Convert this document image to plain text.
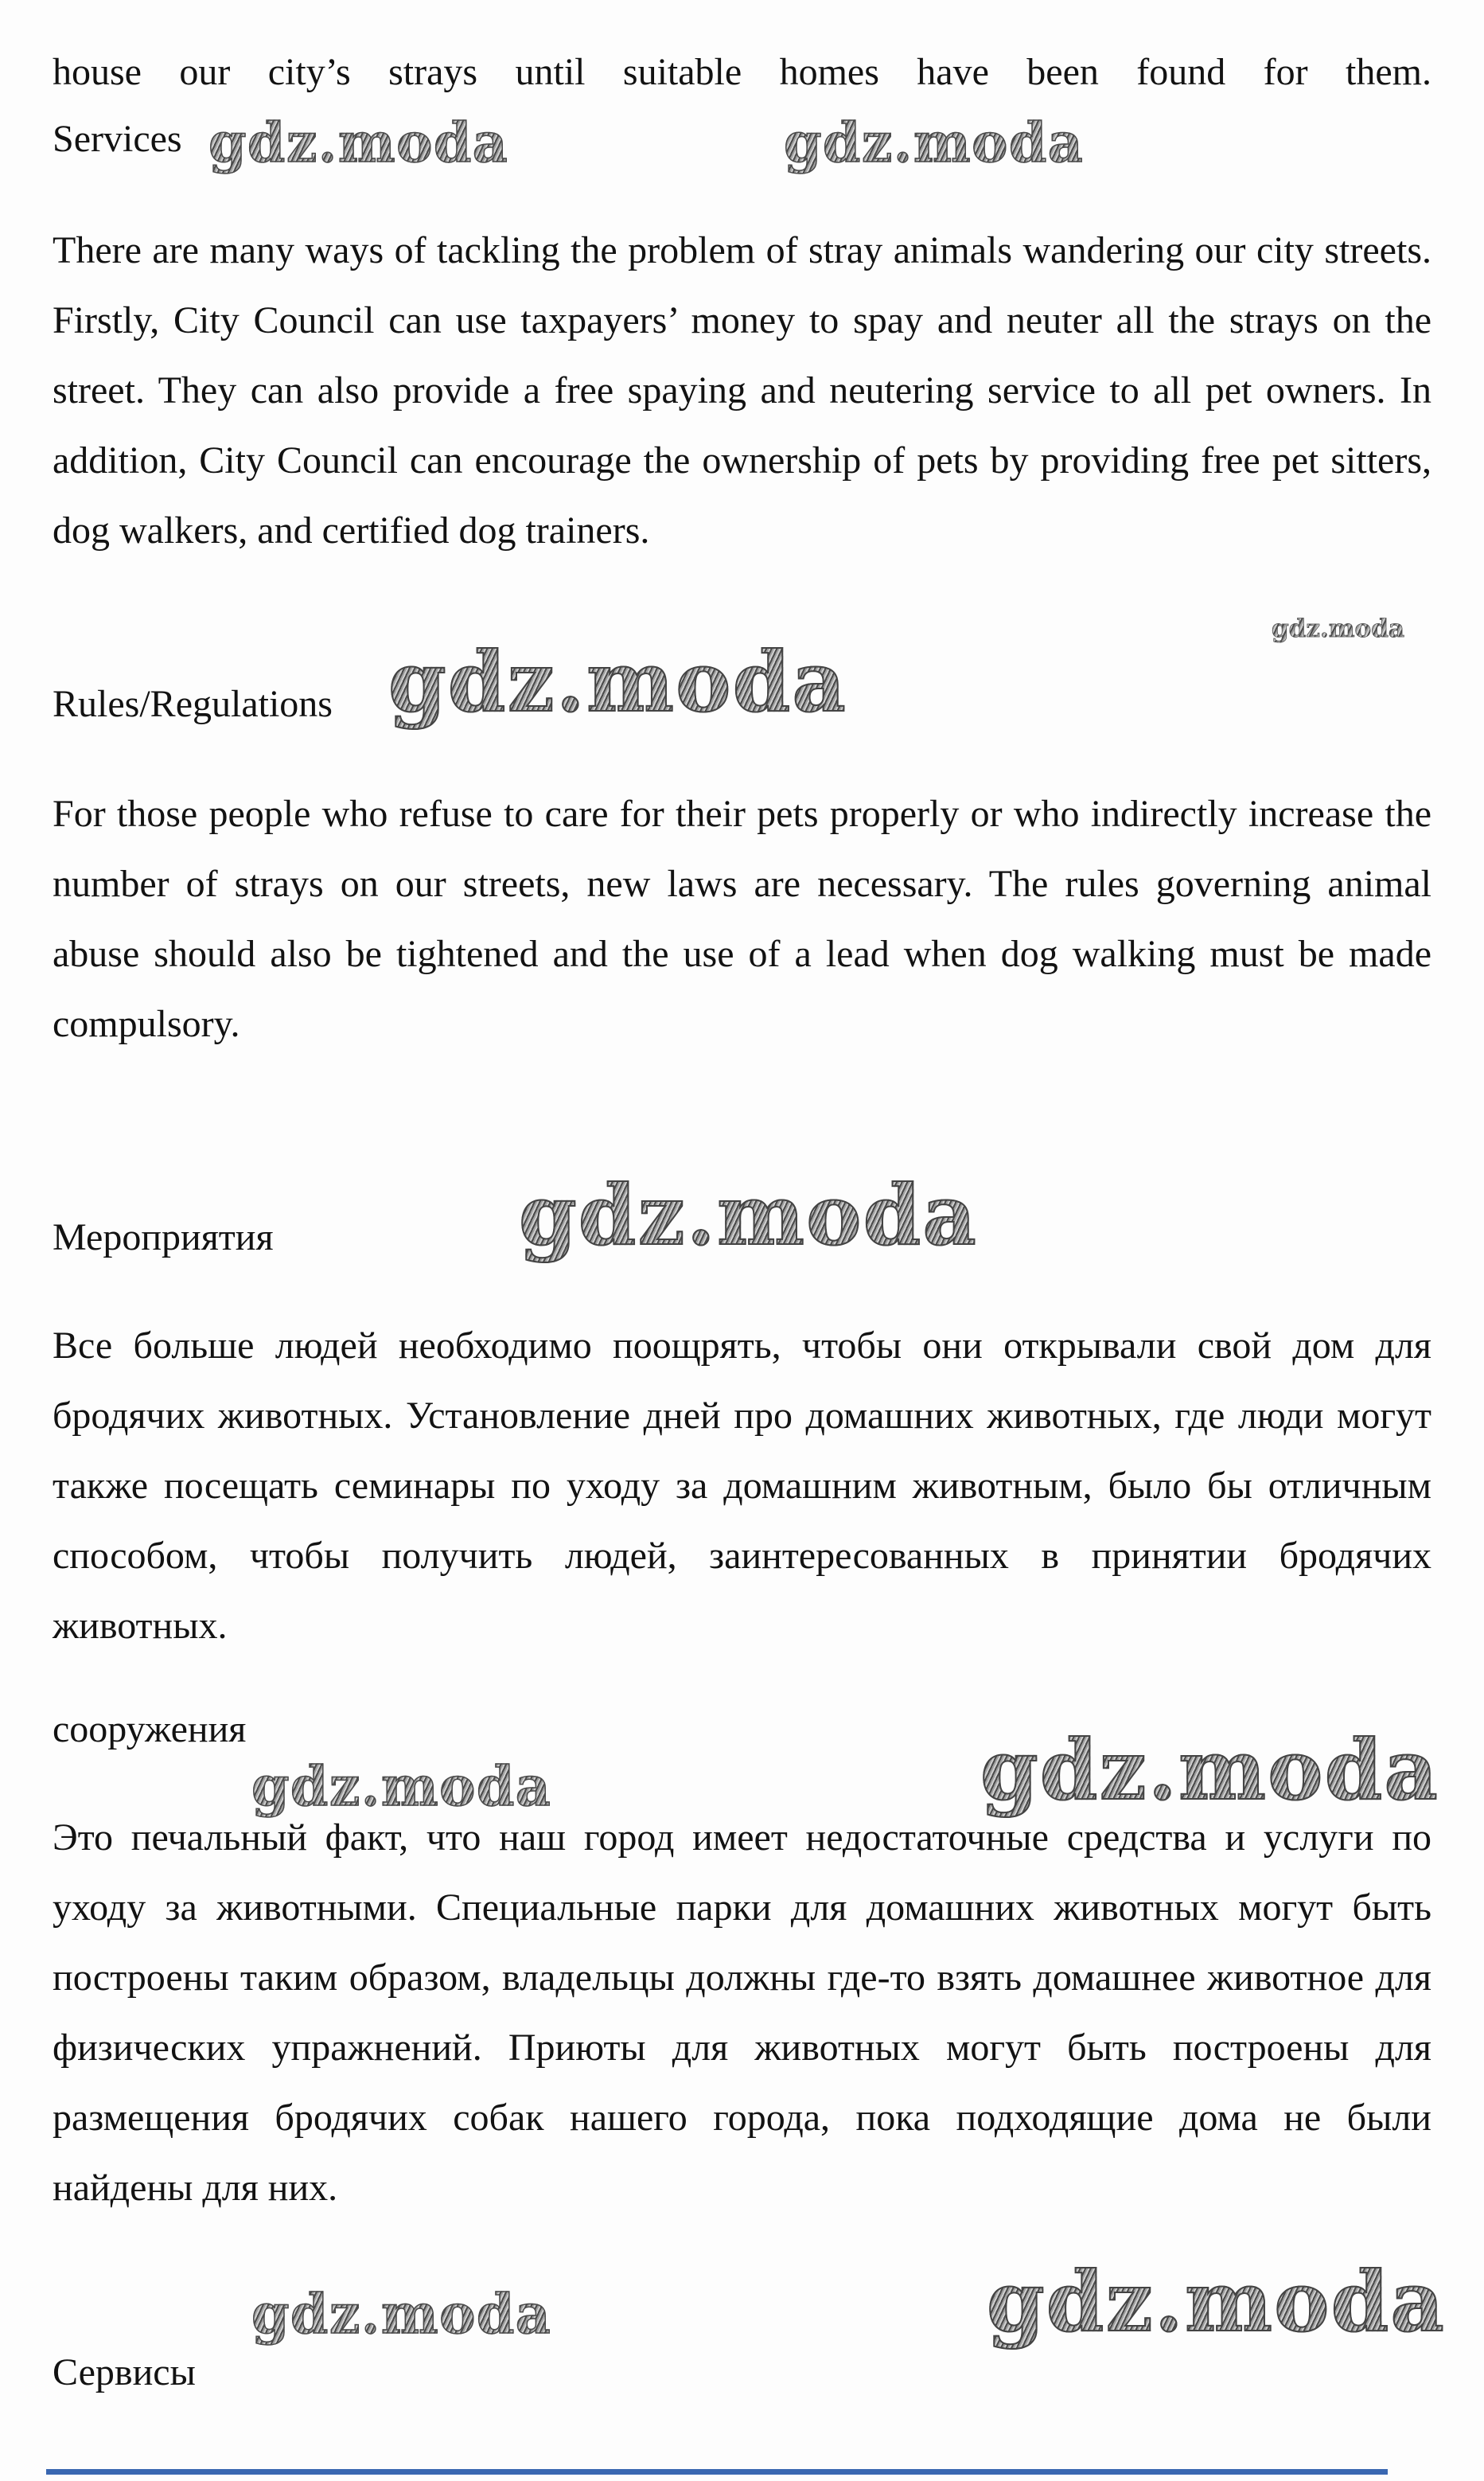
house our city’s strays until suitable homes have been found for them.

Services gdz.moda	gdz.moda

There are many ways of tackling the problem of stray animals wandering our city streets. Firstly, City Council can use taxpayers’ money to spay and neuter all the strays on the street. They can also provide a free spaying and neutering service to all pet owners. In addition, City Council can encourage the ownership of pets by providing free pet sitters, dog walkers, and certified dog trainers.

gdz.moda
Rules/Regulations gdz.moda

For those people who refuse to care for their pets properly or who indirectly increase the number of strays on our streets, new laws are necessary. The rules governing animal abuse should also be tightened and the use of a lead when dog walking must be made compulsory.

Мероприятия	gdz.moda

Все больше людей необходимо поощрять, чтобы они открывали свой дом для бродячих животных. Установление дней про домашних животных, где люди могут также посещать семинары по уходу за домашним животным, было бы отличным способом, чтобы получить людей, заинтересованных в принятии бродячих животных.

сооружения
gdz.moda	gdz.moda

Это печальный факт, что наш город имеет недостаточные средства и услуги по уходу за животными. Специальные парки для домашних животных могут быть построены таким образом, владельцы должны где-то взять домашнее животное для физических упражнений. Приюты для животных могут быть построены для размещения бродячих собак нашего города, пока подходящие дома не были найдены для них.

gdz.moda	gdz.moda
Сервисы
